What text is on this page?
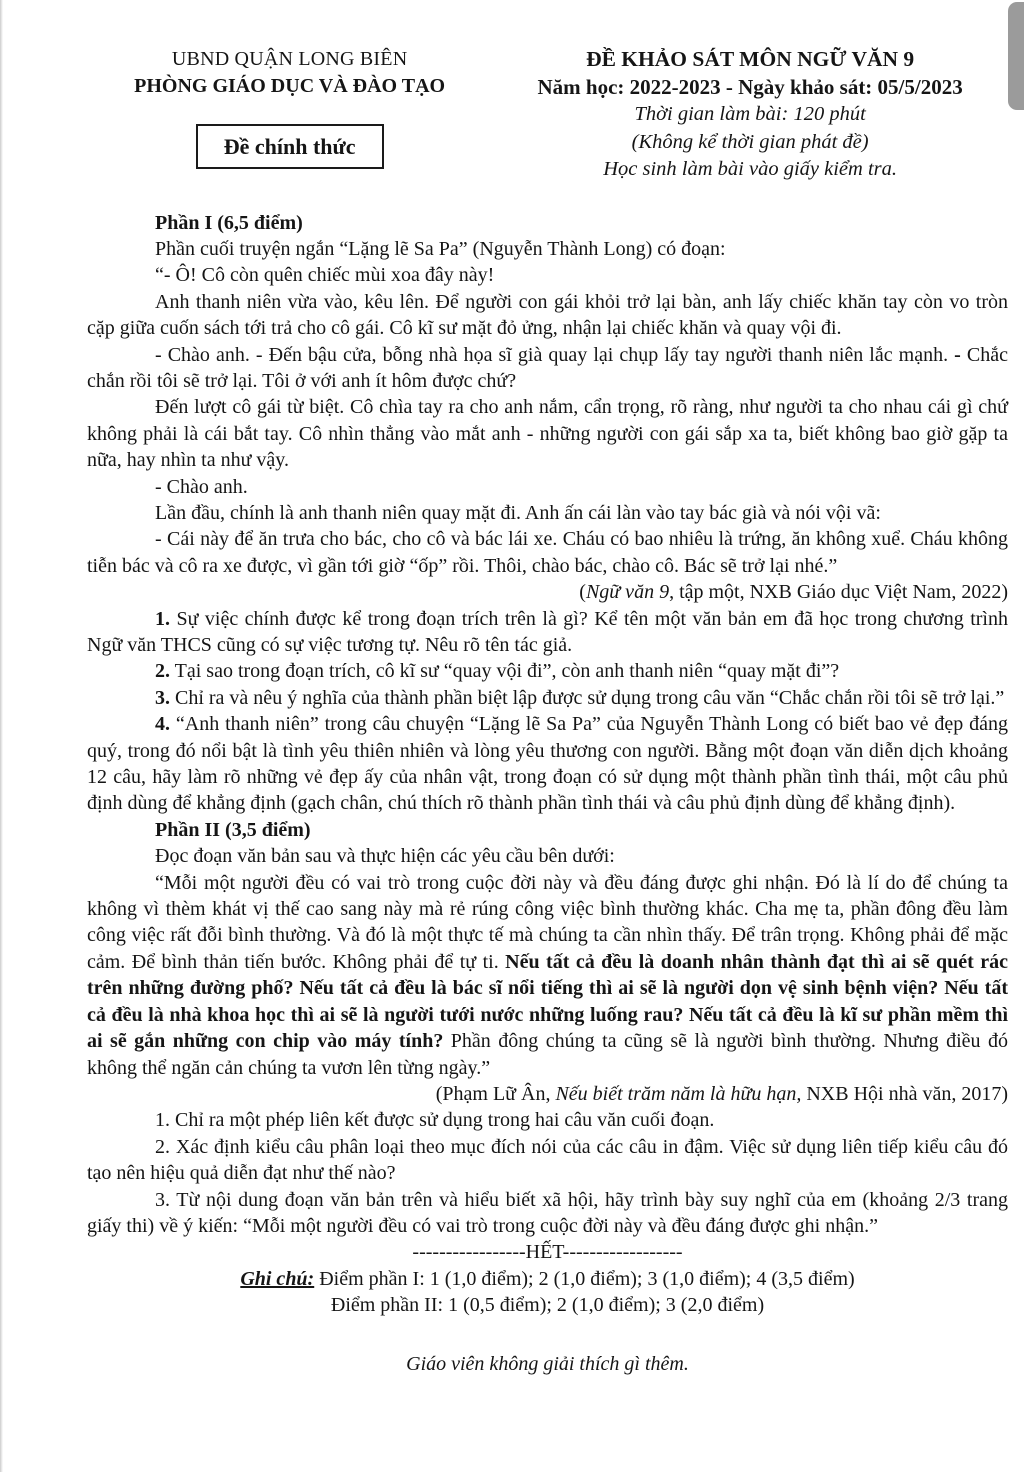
UBND QUẬN LONG BIÊN
PHÒNG GIÁO DỤC VÀ ĐÀO TẠO
Đề chính thức
ĐỀ KHẢO SÁT MÔN NGỮ VĂN 9
Năm học: 2022-2023 - Ngày khảo sát: 05/5/2023
Thời gian làm bài: 120 phút
(Không kể thời gian phát đề)
Học sinh làm bài vào giấy kiểm tra.

Phần I (6,5 điểm)

Phần cuối truyện ngắn “Lặng lẽ Sa Pa” (Nguyễn Thành Long) có đoạn:

“- Ô! Cô còn quên chiếc mùi xoa đây này!

Anh thanh niên vừa vào, kêu lên. Để người con gái khỏi trở lại bàn, anh lấy chiếc khăn tay còn vo tròn cặp giữa cuốn sách tới trả cho cô gái. Cô kĩ sư mặt đỏ ửng, nhận lại chiếc khăn và quay vội đi.

- Chào anh. - Đến bậu cửa, bỗng nhà họa sĩ già quay lại chụp lấy tay người thanh niên lắc mạnh. - Chắc chắn rồi tôi sẽ trở lại. Tôi ở với anh ít hôm được chứ?

Đến lượt cô gái từ biệt. Cô chìa tay ra cho anh nắm, cẩn trọng, rõ ràng, như người ta cho nhau cái gì chứ không phải là cái bắt tay. Cô nhìn thẳng vào mắt anh - những người con gái sắp xa ta, biết không bao giờ gặp ta nữa, hay nhìn ta như vậy.

- Chào anh.

Lần đầu, chính là anh thanh niên quay mặt đi. Anh ấn cái làn vào tay bác già và nói vội vã:

- Cái này để ăn trưa cho bác, cho cô và bác lái xe. Cháu có bao nhiêu là trứng, ăn không xuể. Cháu không tiễn bác và cô ra xe được, vì gần tới giờ “ốp” rồi. Thôi, chào bác, chào cô. Bác sẽ trở lại nhé.”

(Ngữ văn 9, tập một, NXB Giáo dục Việt Nam, 2022)

1. Sự việc chính được kể trong đoạn trích trên là gì? Kể tên một văn bản em đã học trong chương trình Ngữ văn THCS cũng có sự việc tương tự. Nêu rõ tên tác giả.

2. Tại sao trong đoạn trích, cô kĩ sư “quay vội đi”, còn anh thanh niên “quay mặt đi”?

3. Chỉ ra và nêu ý nghĩa của thành phần biệt lập được sử dụng trong câu văn “Chắc chắn rồi tôi sẽ trở lại.”

4. “Anh thanh niên” trong câu chuyện “Lặng lẽ Sa Pa” của Nguyễn Thành Long có biết bao vẻ đẹp đáng quý, trong đó nổi bật là tình yêu thiên nhiên và lòng yêu thương con người. Bằng một đoạn văn diễn dịch khoảng 12 câu, hãy làm rõ những vẻ đẹp ấy của nhân vật, trong đoạn có sử dụng một thành phần tình thái, một câu phủ định dùng để khẳng định (gạch chân, chú thích rõ thành phần tình thái và câu phủ định dùng để khẳng định).

Phần II (3,5 điểm)

Đọc đoạn văn bản sau và thực hiện các yêu cầu bên dưới:

“Mỗi một người đều có vai trò trong cuộc đời này và đều đáng được ghi nhận. Đó là lí do để chúng ta không vì thèm khát vị thế cao sang này mà rẻ rúng công việc bình thường khác. Cha mẹ ta, phần đông đều làm công việc rất đỗi bình thường. Và đó là một thực tế mà chúng ta cần nhìn thấy. Để trân trọng. Không phải để mặc cảm. Để bình thản tiến bước. Không phải để tự ti. Nếu tất cả đều là doanh nhân thành đạt thì ai sẽ quét rác trên những đường phố? Nếu tất cả đều là bác sĩ nổi tiếng thì ai sẽ là người dọn vệ sinh bệnh viện? Nếu tất cả đều là nhà khoa học thì ai sẽ là người tưới nước những luống rau? Nếu tất cả đều là kĩ sư phần mềm thì ai sẽ gắn những con chip vào máy tính? Phần đông chúng ta cũng sẽ là người bình thường. Nhưng điều đó không thể ngăn cản chúng ta vươn lên từng ngày.”

(Phạm Lữ Ân, Nếu biết trăm năm là hữu hạn, NXB Hội nhà văn, 2017)

1. Chỉ ra một phép liên kết được sử dụng trong hai câu văn cuối đoạn.

2. Xác định kiểu câu phân loại theo mục đích nói của các câu in đậm. Việc sử dụng liên tiếp kiểu câu đó tạo nên hiệu quả diễn đạt như thế nào?

3. Từ nội dung đoạn văn bản trên và hiểu biết xã hội, hãy trình bày suy nghĩ của em (khoảng 2/3 trang giấy thi) về ý kiến: “Mỗi một người đều có vai trò trong cuộc đời này và đều đáng được ghi nhận.”

-----------------HẾT------------------

Ghi chú: Điểm phần I: 1 (1,0 điểm); 2 (1,0 điểm); 3 (1,0 điểm); 4 (3,5 điểm)

Điểm phần II: 1 (0,5 điểm); 2 (1,0 điểm); 3 (2,0 điểm)

Giáo viên không giải thích gì thêm.
